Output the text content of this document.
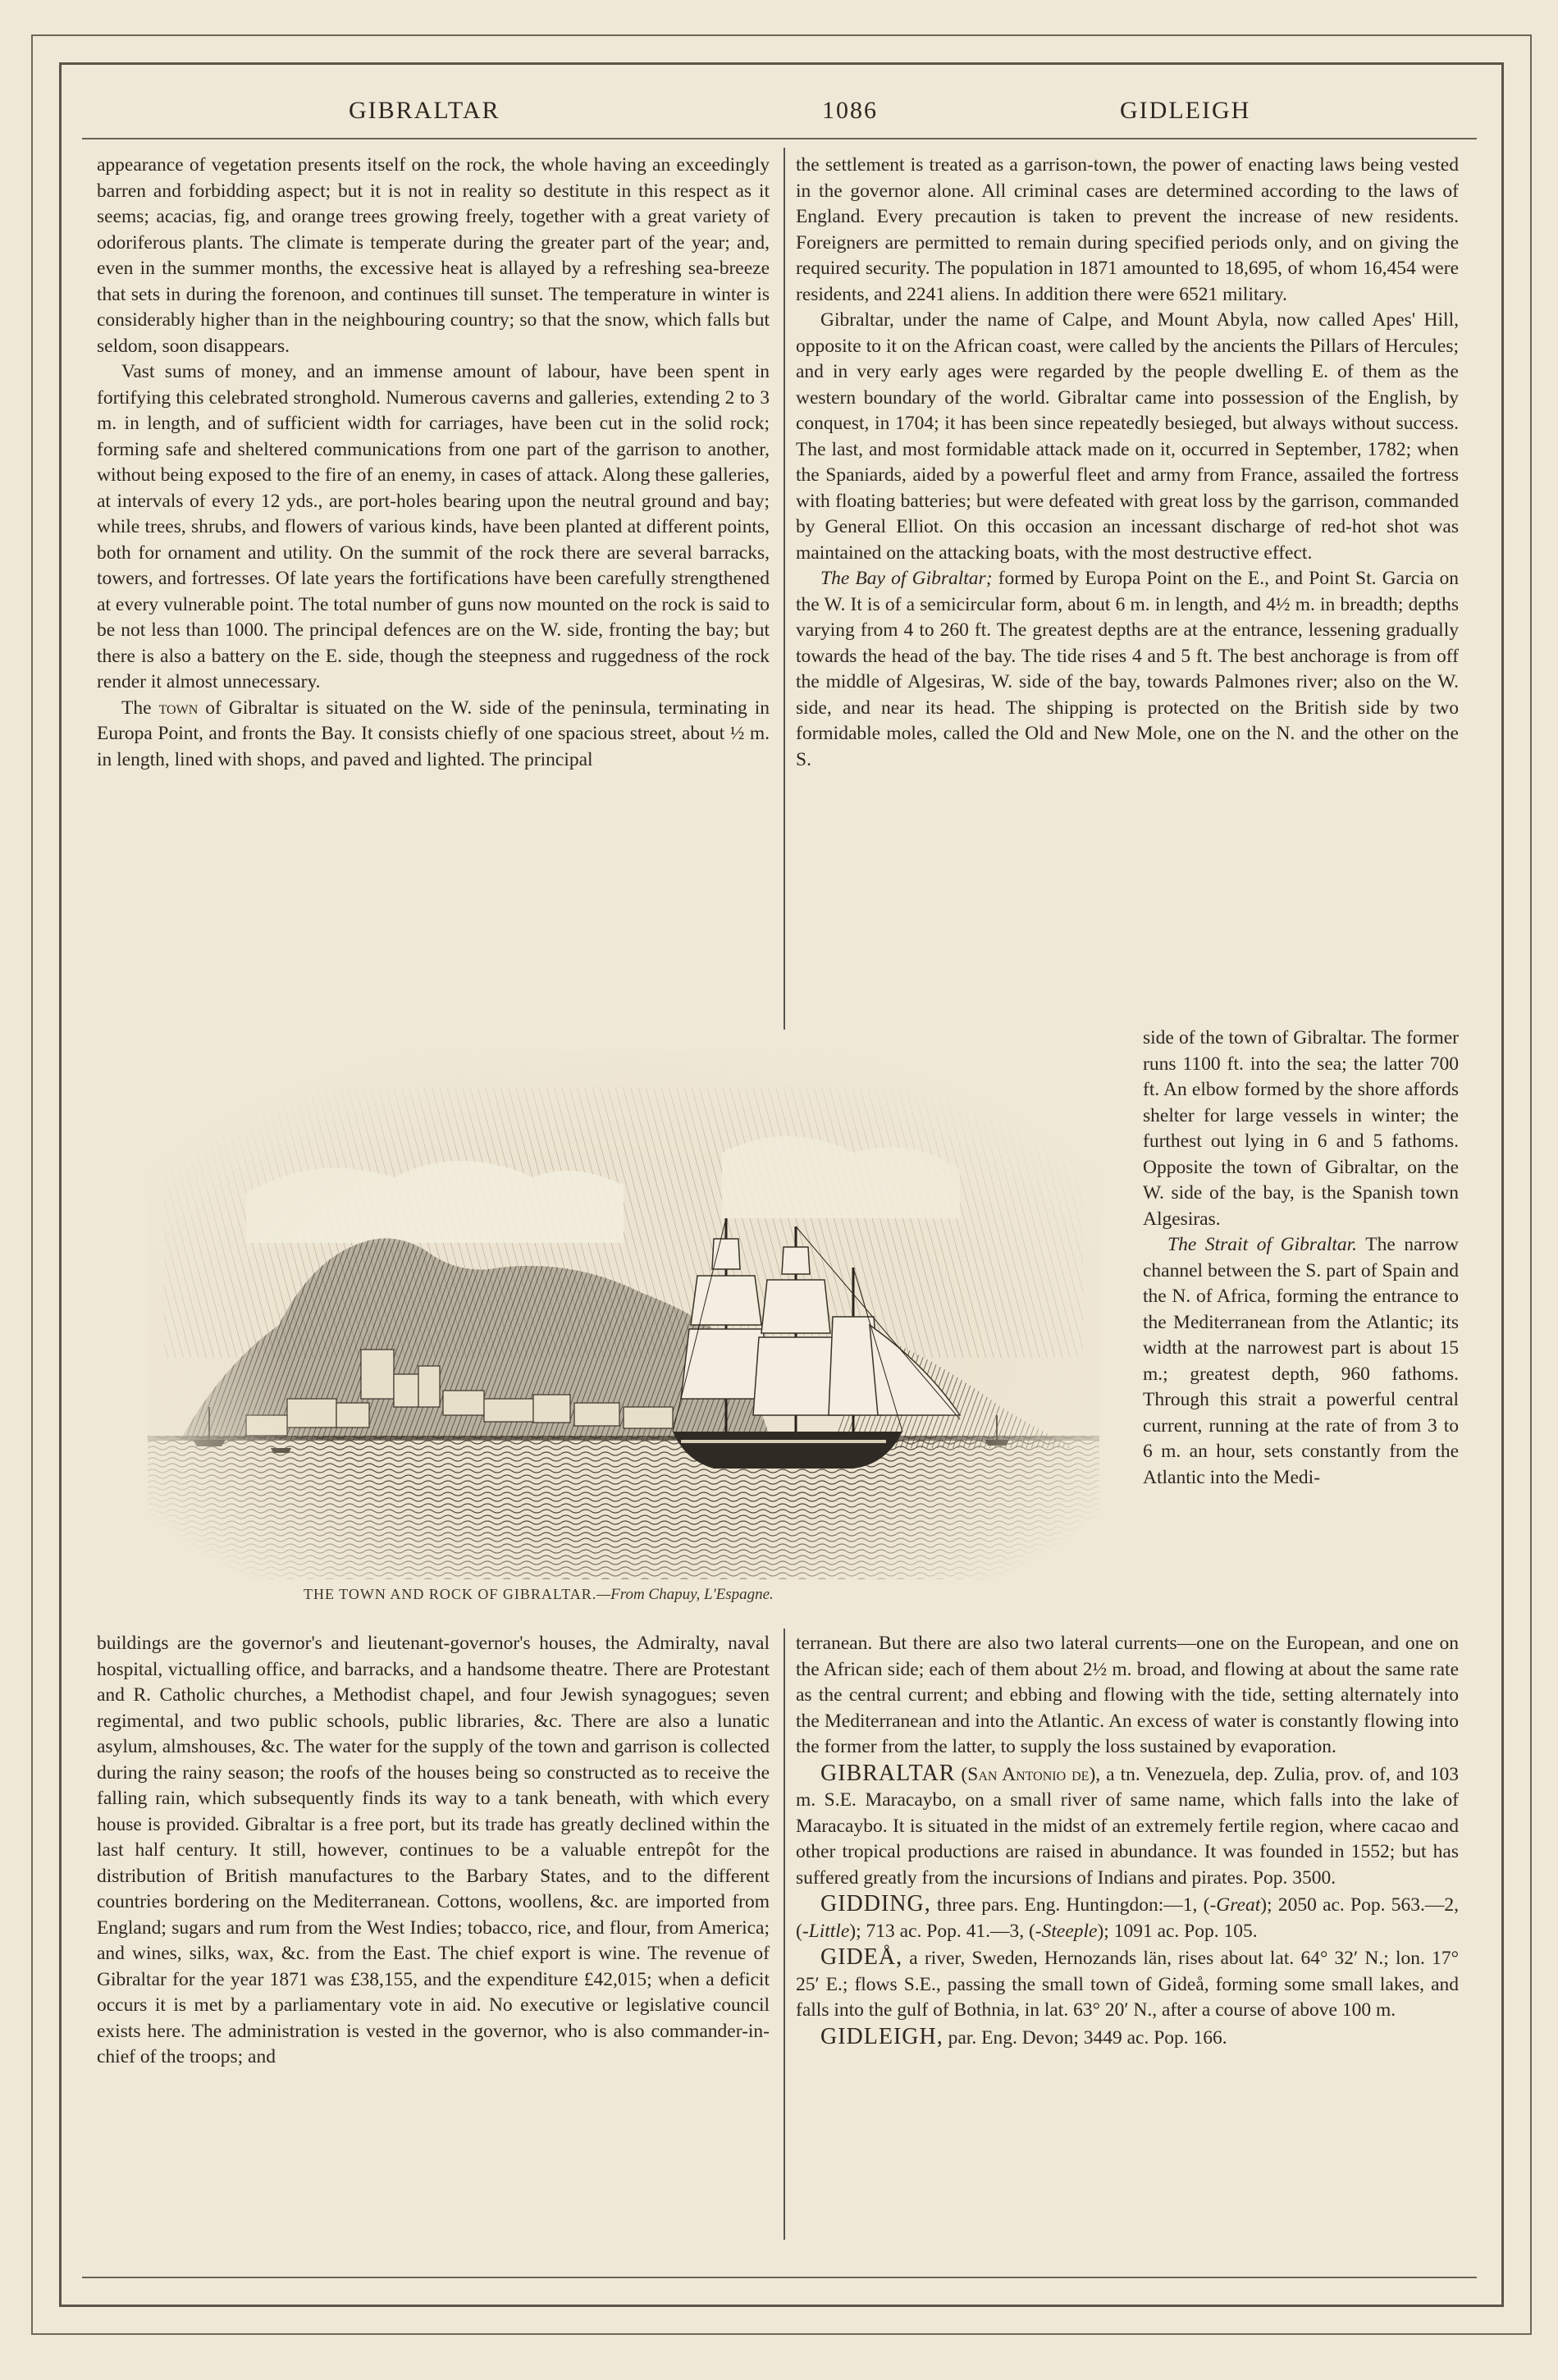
GIBRALTAR	1086	GIDLEIGH

appearance of vegetation presents itself on the rock, the whole having an exceedingly barren and forbidding aspect; but it is not in reality so destitute in this respect as it seems; acacias, fig, and orange trees growing freely, together with a great variety of odoriferous plants. The climate is temperate during the greater part of the year; and, even in the summer months, the excessive heat is allayed by a refreshing sea-breeze that sets in during the forenoon, and continues till sunset. The temperature in winter is considerably higher than in the neighbouring country; so that the snow, which falls but seldom, soon disappears.

Vast sums of money, and an immense amount of labour, have been spent in fortifying this celebrated stronghold. Numerous caverns and galleries, extending 2 to 3 m. in length, and of sufficient width for carriages, have been cut in the solid rock; forming safe and sheltered communications from one part of the garrison to another, without being exposed to the fire of an enemy, in cases of attack. Along these galleries, at intervals of every 12 yds., are port-holes bearing upon the neutral ground and bay; while trees, shrubs, and flowers of various kinds, have been planted at different points, both for ornament and utility. On the summit of the rock there are several barracks, towers, and fortresses. Of late years the fortifications have been carefully strengthened at every vulnerable point. The total number of guns now mounted on the rock is said to be not less than 1000. The principal defences are on the W. side, fronting the bay; but there is also a battery on the E. side, though the steepness and ruggedness of the rock render it almost unnecessary.

The town of Gibraltar is situated on the W. side of the peninsula, terminating in Europa Point, and fronts the Bay. It consists chiefly of one spacious street, about ½ m. in length, lined with shops, and paved and lighted. The principal

the settlement is treated as a garrison-town, the power of enacting laws being vested in the governor alone. All criminal cases are determined according to the laws of England. Every precaution is taken to prevent the increase of new residents. Foreigners are permitted to remain during specified periods only, and on giving the required security. The population in 1871 amounted to 18,695, of whom 16,454 were residents, and 2241 aliens. In addition there were 6521 military.

Gibraltar, under the name of Calpe, and Mount Abyla, now called Apes' Hill, opposite to it on the African coast, were called by the ancients the Pillars of Hercules; and in very early ages were regarded by the people dwelling E. of them as the western boundary of the world. Gibraltar came into possession of the English, by conquest, in 1704; it has been since repeatedly besieged, but always without success. The last, and most formidable attack made on it, occurred in September, 1782; when the Spaniards, aided by a powerful fleet and army from France, assailed the fortress with floating batteries; but were defeated with great loss by the garrison, commanded by General Elliot. On this occasion an incessant discharge of red-hot shot was maintained on the attacking boats, with the most destructive effect.

The Bay of Gibraltar; formed by Europa Point on the E., and Point St. Garcia on the W. It is of a semicircular form, about 6 m. in length, and 4½ m. in breadth; depths varying from 4 to 260 ft. The greatest depths are at the entrance, lessening gradually towards the head of the bay. The tide rises 4 and 5 ft. The best anchorage is from off the middle of Algesiras, W. side of the bay, towards Palmones river; also on the W. side, and near its head. The shipping is protected on the British side by two formidable moles, called the Old and New Mole, one on the N. and the other on the S.

THE TOWN AND ROCK OF GIBRALTAR.—From Chapuy, L'Espagne.

side of the town of Gibraltar. The former runs 1100 ft. into the sea; the latter 700 ft. An elbow formed by the shore affords shelter for large vessels in winter; the furthest out lying in 6 and 5 fathoms. Opposite the town of Gibraltar, on the W. side of the bay, is the Spanish town Algesiras.

The Strait of Gibraltar. The narrow channel between the S. part of Spain and the N. of Africa, forming the entrance to the Mediterranean from the Atlantic; its width at the narrowest part is about 15 m.; greatest depth, 960 fathoms. Through this strait a powerful central current, running at the rate of from 3 to 6 m. an hour, sets constantly from the Atlantic into the Medi-

buildings are the governor's and lieutenant-governor's houses, the Admiralty, naval hospital, victualling office, and barracks, and a handsome theatre. There are Protestant and R. Catholic churches, a Methodist chapel, and four Jewish synagogues; seven regimental, and two public schools, public libraries, &c. There are also a lunatic asylum, almshouses, &c. The water for the supply of the town and garrison is collected during the rainy season; the roofs of the houses being so constructed as to receive the falling rain, which subsequently finds its way to a tank beneath, with which every house is provided. Gibraltar is a free port, but its trade has greatly declined within the last half century. It still, however, continues to be a valuable entrepôt for the distribution of British manufactures to the Barbary States, and to the different countries bordering on the Mediterranean. Cottons, woollens, &c. are imported from England; sugars and rum from the West Indies; tobacco, rice, and flour, from America; and wines, silks, wax, &c. from the East. The chief export is wine. The revenue of Gibraltar for the year 1871 was £38,155, and the expenditure £42,015; when a deficit occurs it is met by a parliamentary vote in aid. No executive or legislative council exists here. The administration is vested in the governor, who is also commander-in-chief of the troops; and

terranean. But there are also two lateral currents—one on the European, and one on the African side; each of them about 2½ m. broad, and flowing at about the same rate as the central current; and ebbing and flowing with the tide, setting alternately into the Mediterranean and into the Atlantic. An excess of water is constantly flowing into the former from the latter, to supply the loss sustained by evaporation.

GIBRALTAR (San Antonio de), a tn. Venezuela, dep. Zulia, prov. of, and 103 m. S.E. Maracaybo, on a small river of same name, which falls into the lake of Maracaybo. It is situated in the midst of an extremely fertile region, where cacao and other tropical productions are raised in abundance. It was founded in 1552; but has suffered greatly from the incursions of Indians and pirates. Pop. 3500.

GIDDING, three pars. Eng. Huntingdon:—1, (-Great); 2050 ac. Pop. 563.—2, (-Little); 713 ac. Pop. 41.—3, (-Steeple); 1091 ac. Pop. 105.

GIDEÅ, a river, Sweden, Hernozands län, rises about lat. 64° 32′ N.; lon. 17° 25′ E.; flows S.E., passing the small town of Gideå, forming some small lakes, and falls into the gulf of Bothnia, in lat. 63° 20′ N., after a course of above 100 m.

GIDLEIGH, par. Eng. Devon; 3449 ac. Pop. 166.
